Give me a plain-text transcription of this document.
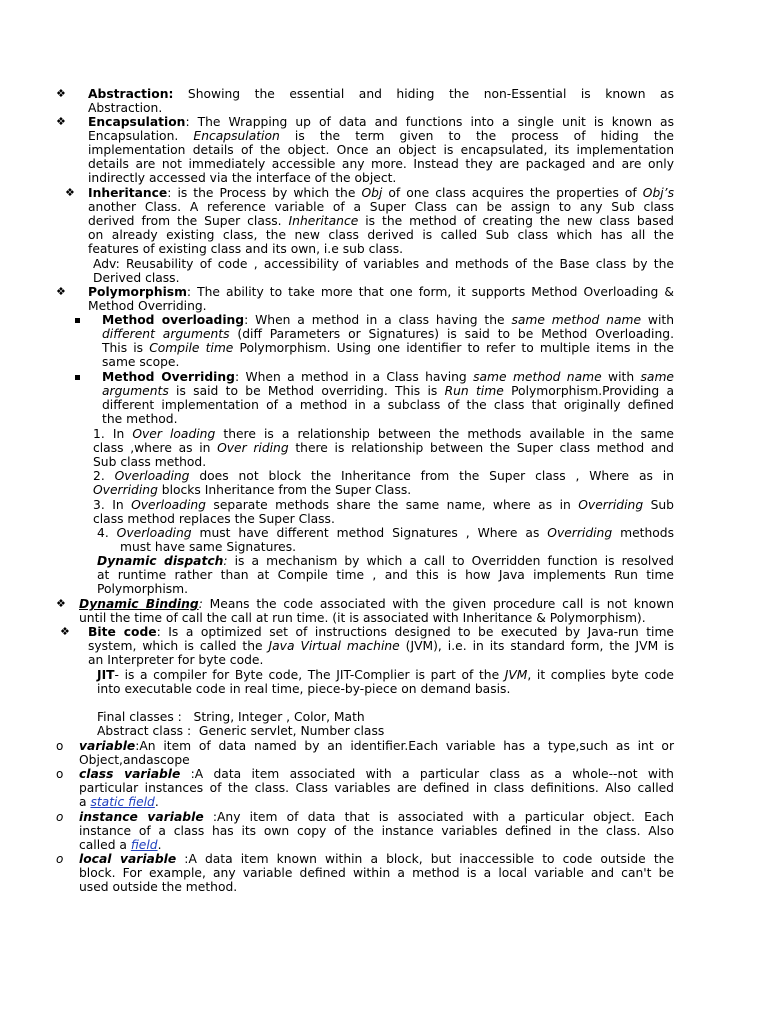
❖ Abstraction: Showing the essential and hiding the non-Essential is known as
Abstraction.
❖ Encapsulation: The Wrapping up of data and functions into a single unit is known as
Encapsulation. Encapsulation is the term given to the process of hiding the
implementation details of the object. Once an object is encapsulated, its implementation
details are not immediately accessible any more. Instead they are packaged and are only
indirectly accessed via the interface of the object.
❖ Inheritance: is the Process by which the Obj of one class acquires the properties of Obj’s
another Class. A reference variable of a Super Class can be assign to any Sub class
derived from the Super class. Inheritance is the method of creating the new class based
on already existing class, the new class derived is called Sub class which has all the
features of existing class and its own, i.e sub class.
Adv: Reusability of code , accessibility of variables and methods of the Base class by the
Derived class.
❖ Polymorphism: The ability to take more that one form, it supports Method Overloading &
Method Overriding.
Method overloading: When a method in a class having the same method name with
different arguments (diff Parameters or Signatures) is said to be Method Overloading.
This is Compile time Polymorphism. Using one identifier to refer to multiple items in the
same scope.
Method Overriding: When a method in a Class having same method name with same
arguments is said to be Method overriding. This is Run time Polymorphism.Providing a
different implementation of a method in a subclass of the class that originally defined
the method.
1. In Over loading there is a relationship between the methods available in the same
class ,where as in Over riding there is relationship between the Super class method and
Sub class method.
2. Overloading does not block the Inheritance from the Super class , Where as in
Overriding blocks Inheritance from the Super Class.
3. In Overloading separate methods share the same name, where as in Overriding Sub
class method replaces the Super Class.
4. Overloading must have different method Signatures , Where as Overriding methods
must have same Signatures.
Dynamic dispatch: is a mechanism by which a call to Overridden function is resolved
at runtime rather than at Compile time , and this is how Java implements Run time
Polymorphism.
❖ Dynamic Binding: Means the code associated with the given procedure call is not known
until the time of call the call at run time. (it is associated with Inheritance & Polymorphism).
❖ Bite code: Is a optimized set of instructions designed to be executed by Java-run time
system, which is called the Java Virtual machine (JVM), i.e. in its standard form, the JVM is
an Interpreter for byte code.
JIT- is a compiler for Byte code, The JIT-Complier is part of the JVM, it complies byte code
into executable code in real time, piece-by-piece on demand basis.
Final classes :   String, Integer , Color, Math
Abstract class :  Generic servlet, Number class
o variable:An item of data named by an identifier.Each variable has a type,such as int or
Object,andascope
o class variable :A data item associated with a particular class as a whole--not with
particular instances of the class. Class variables are defined in class definitions. Also called
a static field.
o instance variable :Any item of data that is associated with a particular object. Each
instance of a class has its own copy of the instance variables defined in the class. Also
called a field.
o local variable :A data item known within a block, but inaccessible to code outside the
block. For example, any variable defined within a method is a local variable and can't be
used outside the method.
